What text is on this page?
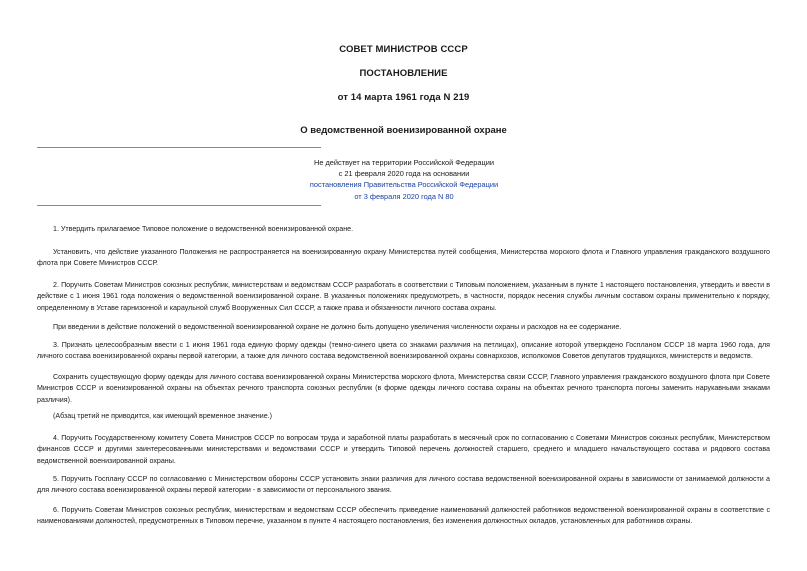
СОВЕТ МИНИСТРОВ СССР
ПОСТАНОВЛЕНИЕ
от 14 марта 1961 года N 219
О ведомственной военизированной охране
Не действует на территории Российской Федерации
с 21 февраля 2020 года на основании
постановления Правительства Российской Федерации
от 3 февраля 2020 года N 80

1. Утвердить прилагаемое Типовое положение о ведомственной военизированной охране.

Установить, что действие указанного Положения не распространяется на военизированную охрану Министерства путей сообщения, Министерства морского флота и Главного управления гражданского воздушного флота при Совете Министров СССР.

2. Поручить Советам Министров союзных республик, министерствам и ведомствам СССР разработать в соответствии с Типовым положением, указанным в пункте 1 настоящего постановления, утвердить и ввести в действие с 1 июня 1961 года положения о ведомственной военизированной охране. В указанных положениях предусмотреть, в частности, порядок несения службы личным составом охраны применительно к порядку, определенному в Уставе гарнизонной и караульной служб Вооруженных Сил СССР, а также права и обязанности личного состава охраны.

При введении в действие положений о ведомственной военизированной охране не должно быть допущено увеличения численности охраны и расходов на ее содержание.

3. Признать целесообразным ввести с 1 июня 1961 года единую форму одежды (темно-синего цвета со знаками различия на петлицах), описание которой утверждено Госпланом СССР 18 марта 1960 года, для личного состава военизированной охраны первой категории, а также для личного состава ведомственной военизированной охраны совнархозов, исполкомов Советов депутатов трудящихся, министерств и ведомств.

Сохранить существующую форму одежды для личного состава военизированной охраны Министерства морского флота, Министерства связи СССР, Главного управления гражданского воздушного флота при Совете Министров СССР и военизированной охраны на объектах речного транспорта союзных республик (в форме одежды личного состава охраны на объектах речного транспорта погоны заменить нарукавными знаками различия).

(Абзац третий не приводится, как имеющий временное значение.)

4. Поручить Государственному комитету Совета Министров СССР по вопросам труда и заработной платы разработать в месячный срок по согласованию с Советами Министров союзных республик, Министерством финансов СССР и другими заинтересованными министерствами и ведомствами СССР и утвердить Типовой перечень должностей старшего, среднего и младшего начальствующего состава и рядового состава ведомственной военизированной охраны.

5. Поручить Госплану СССР по согласованию с Министерством обороны СССР установить знаки различия для личного состава ведомственной военизированной охраны в зависимости от занимаемой должности а для личного состава военизированной охраны первой категории - в зависимости от персонального звания.

6. Поручить Советам Министров союзных республик, министерствам и ведомствам СССР обеспечить приведение наименований должностей работников ведомственной военизированной охраны в соответствие с наименованиями должностей, предусмотренных в Типовом перечне, указанном в пункте 4 настоящего постановления, без изменения должностных окладов, установленных для работников охраны.
